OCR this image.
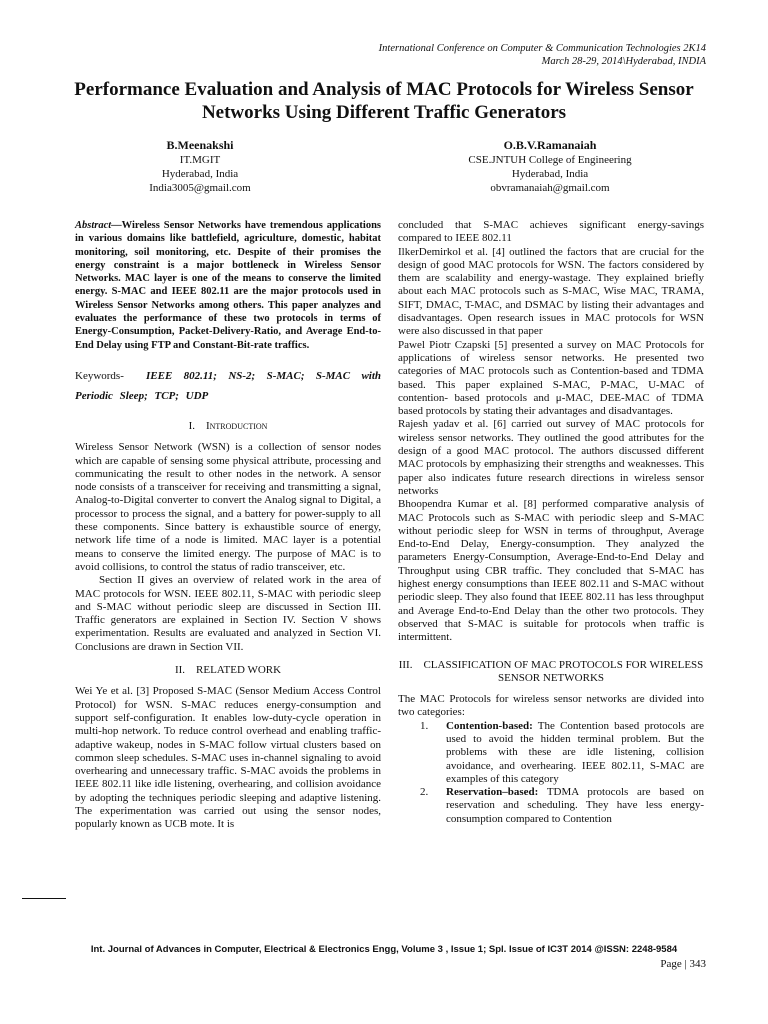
International Conference on Computer & Communication Technologies 2K14
March 28-29, 2014\Hyderabad, INDIA
Performance Evaluation and Analysis of MAC Protocols for Wireless Sensor Networks Using Different Traffic Generators
B.Meenakshi
IT.MGIT
Hyderabad, India
India3005@gmail.com
O.B.V.Ramanaiah
CSE.JNTUH College of Engineering
Hyderabad, India
obvramanaiah@gmail.com

Abstract—Wireless Sensor Networks have tremendous applications in various domains like battlefield, agriculture, domestic, habitat monitoring, soil monitoring, etc. Despite of their promises the energy constraint is a major bottleneck in Wireless Sensor Networks. MAC layer is one of the means to conserve the limited energy. S-MAC and IEEE 802.11 are the major protocols used in Wireless Sensor Networks among others. This paper analyzes and evaluates the performance of these two protocols in terms of Energy-Consumption, Packet-Delivery-Ratio, and Average End-to-End Delay using FTP and Constant-Bit-rate traffics.

Keywords- IEEE 802.11; NS-2; S-MAC; S-MAC with Periodic Sleep; TCP; UDP

I. Introduction

Wireless Sensor Network (WSN) is a collection of sensor nodes which are capable of sensing some physical attribute, processing and communicating the result to other nodes in the network. A sensor node consists of a transceiver for receiving and transmitting a signal, Analog-to-Digital converter to convert the Analog signal to Digital, a processor to process the signal, and a battery for power-supply to all these components. Since battery is exhaustible source of energy, network life time of a node is limited. MAC layer is a potential means to conserve the limited energy. The purpose of MAC is to avoid collisions, to control the status of radio transceiver, etc.

Section II gives an overview of related work in the area of MAC protocols for WSN. IEEE 802.11, S-MAC with periodic sleep and S-MAC without periodic sleep are discussed in Section III. Traffic generators are explained in Section IV. Section V shows experimentation. Results are evaluated and analyzed in Section VI. Conclusions are drawn in Section VII.

II. RELATED WORK

Wei Ye et al. [3] Proposed S-MAC (Sensor Medium Access Control Protocol) for WSN. S-MAC reduces energy-consumption and support self-configuration. It enables low-duty-cycle operation in multi-hop network. To reduce control overhead and enabling traffic-adaptive wakeup, nodes in S-MAC follow virtual clusters based on common sleep schedules. S-MAC uses in-channel signaling to avoid overhearing and unnecessary traffic. S-MAC avoids the problems in IEEE 802.11 like idle listening, overhearing, and collision avoidance by adopting the techniques periodic sleeping and adaptive listening. The experimentation was carried out using the sensor nodes, popularly known as UCB mote. It is

concluded that S-MAC achieves significant energy-savings compared to IEEE 802.11

IlkerDemirkol et al. [4] outlined the factors that are crucial for the design of good MAC protocols for WSN. The factors considered by them are scalability and energy-wastage. They explained briefly about each MAC protocols such as S-MAC, Wise MAC, TRAMA, SIFT, DMAC, T-MAC, and DSMAC by listing their advantages and disadvantages. Open research issues in MAC protocols for WSN were also discussed in that paper

Pawel Piotr Czapski [5] presented a survey on MAC Protocols for applications of wireless sensor networks. He presented two categories of MAC protocols such as Contention-based and TDMA based. This paper explained S-MAC, P-MAC, U-MAC of contention- based protocols and μ-MAC, DEE-MAC of TDMA based protocols by stating their advantages and disadvantages.

Rajesh yadav et al. [6] carried out survey of MAC protocols for wireless sensor networks. They outlined the good attributes for the design of a good MAC protocol. The authors discussed different MAC protocols by emphasizing their strengths and weaknesses. This paper also indicates future research directions in wireless sensor networks

Bhoopendra Kumar et al. [8] performed comparative analysis of MAC Protocols such as S-MAC with periodic sleep and S-MAC without periodic sleep for WSN in terms of throughput, Average End-to-End Delay, Energy-consumption. They analyzed the parameters Energy-Consumption, Average-End-to-End Delay and Throughput using CBR traffic. They concluded that S-MAC has highest energy consumptions than IEEE 802.11 and S-MAC without periodic sleep. They also found that IEEE 802.11 has less throughput and Average End-to-End Delay than the other two protocols. They observed that S-MAC is suitable for protocols when traffic is intermittent.

III. CLASSIFICATION OF MAC PROTOCOLS FOR WIRELESS SENSOR NETWORKS

The MAC Protocols for wireless sensor networks are divided into two categories:

1. Contention-based: The Contention based protocols are used to avoid the hidden terminal problem. But the problems with these are idle listening, collision avoidance, and overhearing. IEEE 802.11, S-MAC are examples of this category
2. Reservation–based: TDMA protocols are based on reservation and scheduling. They have less energy-consumption compared to Contention
Int. Journal of Advances in Computer, Electrical & Electronics Engg, Volume 3 , Issue 1; Spl. Issue of IC3T 2014 @ISSN: 2248-9584
Page | 343
